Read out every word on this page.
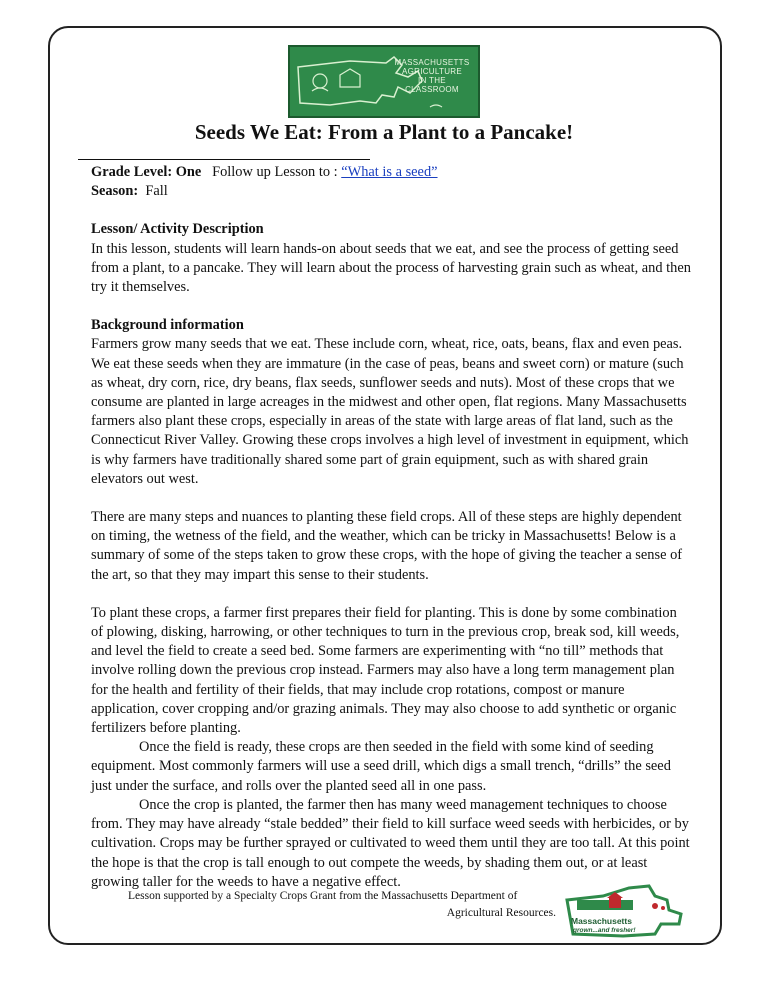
MASSACHUSETTS
AGRICULTURE
IN THE CLASSROOM
Seeds We Eat: From a Plant to a Pancake!

Grade Level: One Follow up Lesson to : “What is a seed”

Season: Fall

Lesson/ Activity Description

In this lesson, students will learn hands-on about seeds that we eat, and see the process of getting seed from a plant, to a pancake. They will learn about the process of harvesting grain such as wheat, and then try it themselves.

Background information

Farmers grow many seeds that we eat. These include corn, wheat, rice, oats, beans, flax and even peas. We eat these seeds when they are immature (in the case of peas, beans and sweet corn) or mature (such as wheat, dry corn, rice, dry beans, flax seeds, sunflower seeds and nuts). Most of these crops that we consume are planted in large acreages in the midwest and other open, flat regions. Many Massachusetts farmers also plant these crops, especially in areas of the state with large areas of flat land, such as the Connecticut River Valley. Growing these crops involves a high level of investment in equipment, which is why farmers have traditionally shared some part of grain equipment, such as with shared grain elevators out west.

There are many steps and nuances to planting these field crops. All of these steps are highly dependent on timing, the wetness of the field, and the weather, which can be tricky in Massachusetts! Below is a summary of some of the steps taken to grow these crops, with the hope of giving the teacher a sense of the art, so that they may impart this sense to their students.

To plant these crops, a farmer first prepares their field for planting. This is done by some combination of plowing, disking, harrowing, or other techniques to turn in the previous crop, break sod, kill weeds, and level the field to create a seed bed. Some farmers are experimenting with “no till” methods that involve rolling down the previous crop instead. Farmers may also have a long term management plan for the health and fertility of their fields, that may include crop rotations, compost or manure application, cover cropping and/or grazing animals. They may also choose to add synthetic or organic fertilizers before planting.

Once the field is ready, these crops are then seeded in the field with some kind of seeding equipment. Most commonly farmers will use a seed drill, which digs a small trench, “drills” the seed just under the surface, and rolls over the planted seed all in one pass.

Once the crop is planted, the farmer then has many weed management techniques to choose from. They may have already “stale bedded” their field to kill surface weed seeds with herbicides, or by cultivation. Crops may be further sprayed or cultivated to weed them until they are too tall. At this point the hope is that the crop is tall enough to out compete the weeds, by shading them out, or at least growing taller for the weeds to have a negative effect.

Lesson supported by a Specialty Crops Grant from the Massachusetts Department of
Agricultural Resources.
Massachusetts
grown...and fresher!
